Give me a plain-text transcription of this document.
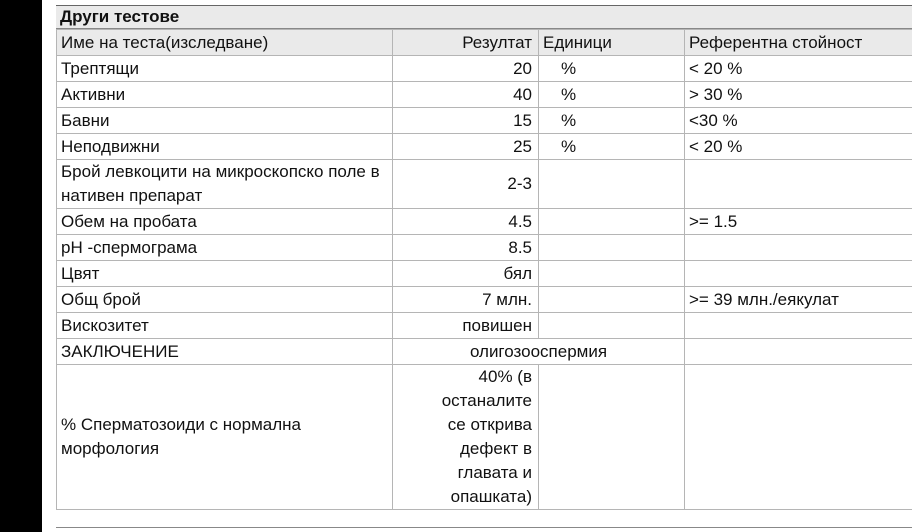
Други тестове
Име на теста(изследване)	Резултат	Единици	Референтна стойност
Трептящи	20	%	< 20 %
Активни	40	%	> 30 %
Бавни	15	%	<30 %
Неподвижни	25	%	< 20 %
Брой левкоцити на микроскопско поле в нативен препарат	2-3		
Обем на пробата	4.5		>= 1.5
pH -спермограма	8.5		
Цвят	бял		
Общ брой	7 млн.		>= 39 млн./еякулат
Вискозитет	повишен		
ЗАКЛЮЧЕНИЕ	олигозооспермия		
% Сперматозоиди с нормална морфология	40% (в останалите се открива дефект в главата и опашката)		
